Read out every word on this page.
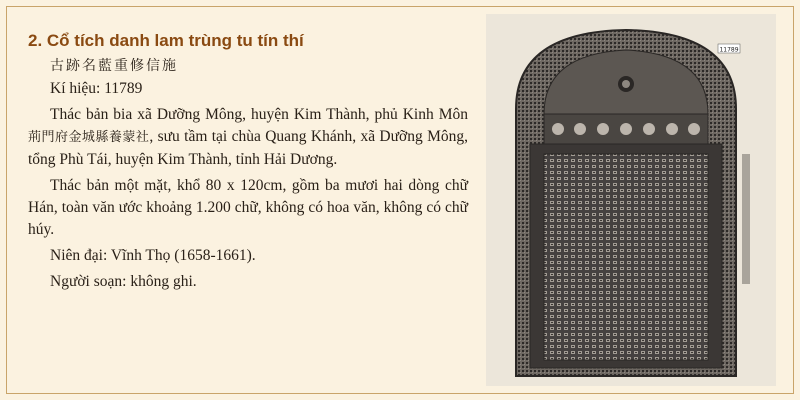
2. Cổ tích danh lam trùng tu tín thí
古跡名藍重修信施

Kí hiệu: 11789

Thác bản bia xã Dưỡng Mông, huyện Kim Thành, phủ Kinh Môn 荊門府金城縣養蒙社, sưu tầm tại chùa Quang Khánh, xã Dưỡng Mông, tổng Phù Tái, huyện Kim Thành, tỉnh Hải Dương.

Thác bản một mặt, khổ 80 x 120cm, gồm ba mươi hai dòng chữ Hán, toàn văn ước khoảng 1.200 chữ, không có hoa văn, không có chữ húy.

Niên đại: Vĩnh Thọ (1658-1661).

Người soạn: không ghi.

11789
